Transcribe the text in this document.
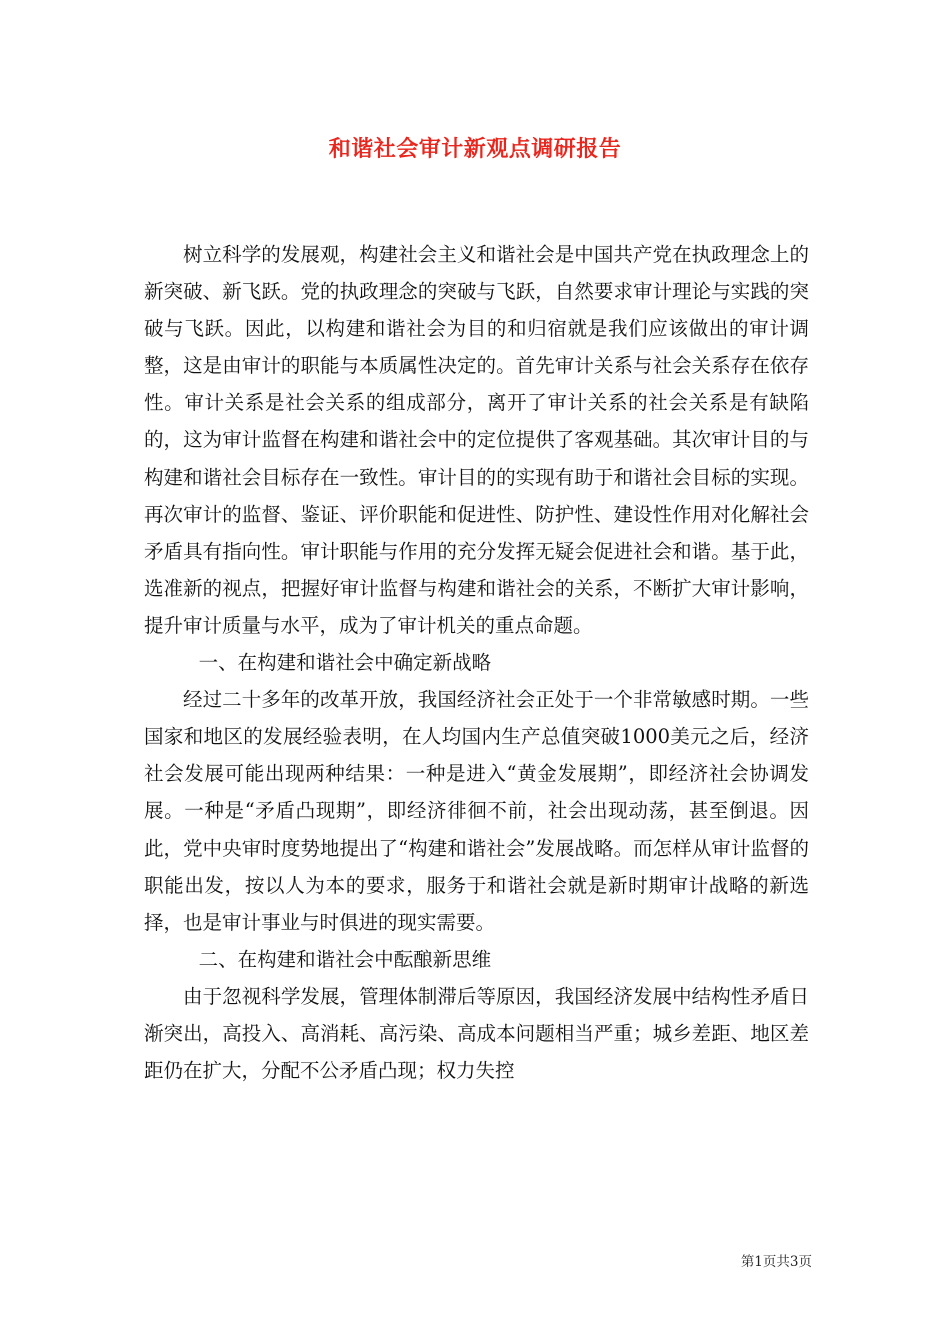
和谐社会审计新观点调研报告

树立科学的发展观，构建社会主义和谐社会是中国共产党在执政理念上的新突破、新飞跃。党的执政理念的突破与飞跃，自然要求审计理论与实践的突破与飞跃。因此，以构建和谐社会为目的和归宿就是我们应该做出的审计调整，这是由审计的职能与本质属性决定的。首先审计关系与社会关系存在依存性。审计关系是社会关系的组成部分，离开了审计关系的社会关系是有缺陷的，这为审计监督在构建和谐社会中的定位提供了客观基础。其次审计目的与构建和谐社会目标存在一致性。审计目的的实现有助于和谐社会目标的实现。再次审计的监督、鉴证、评价职能和促进性、防护性、建设性作用对化解社会矛盾具有指向性。审计职能与作用的充分发挥无疑会促进社会和谐。基于此，选准新的视点，把握好审计监督与构建和谐社会的关系，不断扩大审计影响，提升审计质量与水平，成为了审计机关的重点命题。

一、在构建和谐社会中确定新战略

经过二十多年的改革开放，我国经济社会正处于一个非常敏感时期。一些国家和地区的发展经验表明，在人均国内生产总值突破1000美元之后，经济社会发展可能出现两种结果：一种是进入“黄金发展期”，即经济社会协调发展。一种是“矛盾凸现期”，即经济徘徊不前，社会出现动荡，甚至倒退。因此，党中央审时度势地提出了“构建和谐社会”发展战略。而怎样从审计监督的职能出发，按以人为本的要求，服务于和谐社会就是新时期审计战略的新选择，也是审计事业与时俱进的现实需要。

二、在构建和谐社会中酝酿新思维

由于忽视科学发展，管理体制滞后等原因，我国经济发展中结构性矛盾日渐突出，高投入、高消耗、高污染、高成本问题相当严重；城乡差距、地区差距仍在扩大，分配不公矛盾凸现；权力失控

第1页共3页
